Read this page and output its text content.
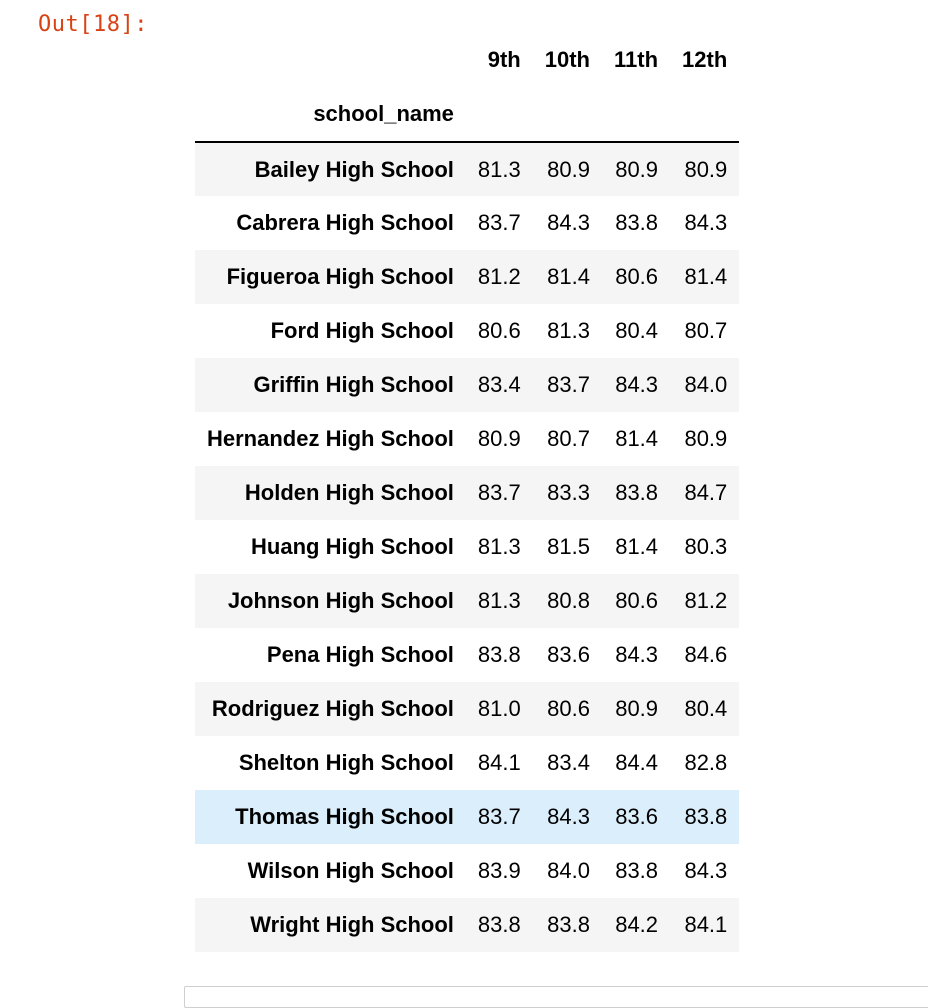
Out[18]:
	9th	10th	11th	12th
school_name				
Bailey High School	81.3	80.9	80.9	80.9
Cabrera High School	83.7	84.3	83.8	84.3
Figueroa High School	81.2	81.4	80.6	81.4
Ford High School	80.6	81.3	80.4	80.7
Griffin High School	83.4	83.7	84.3	84.0
Hernandez High School	80.9	80.7	81.4	80.9
Holden High School	83.7	83.3	83.8	84.7
Huang High School	81.3	81.5	81.4	80.3
Johnson High School	81.3	80.8	80.6	81.2
Pena High School	83.8	83.6	84.3	84.6
Rodriguez High School	81.0	80.6	80.9	80.4
Shelton High School	84.1	83.4	84.4	82.8
Thomas High School	83.7	84.3	83.6	83.8
Wilson High School	83.9	84.0	83.8	84.3
Wright High School	83.8	83.8	84.2	84.1
